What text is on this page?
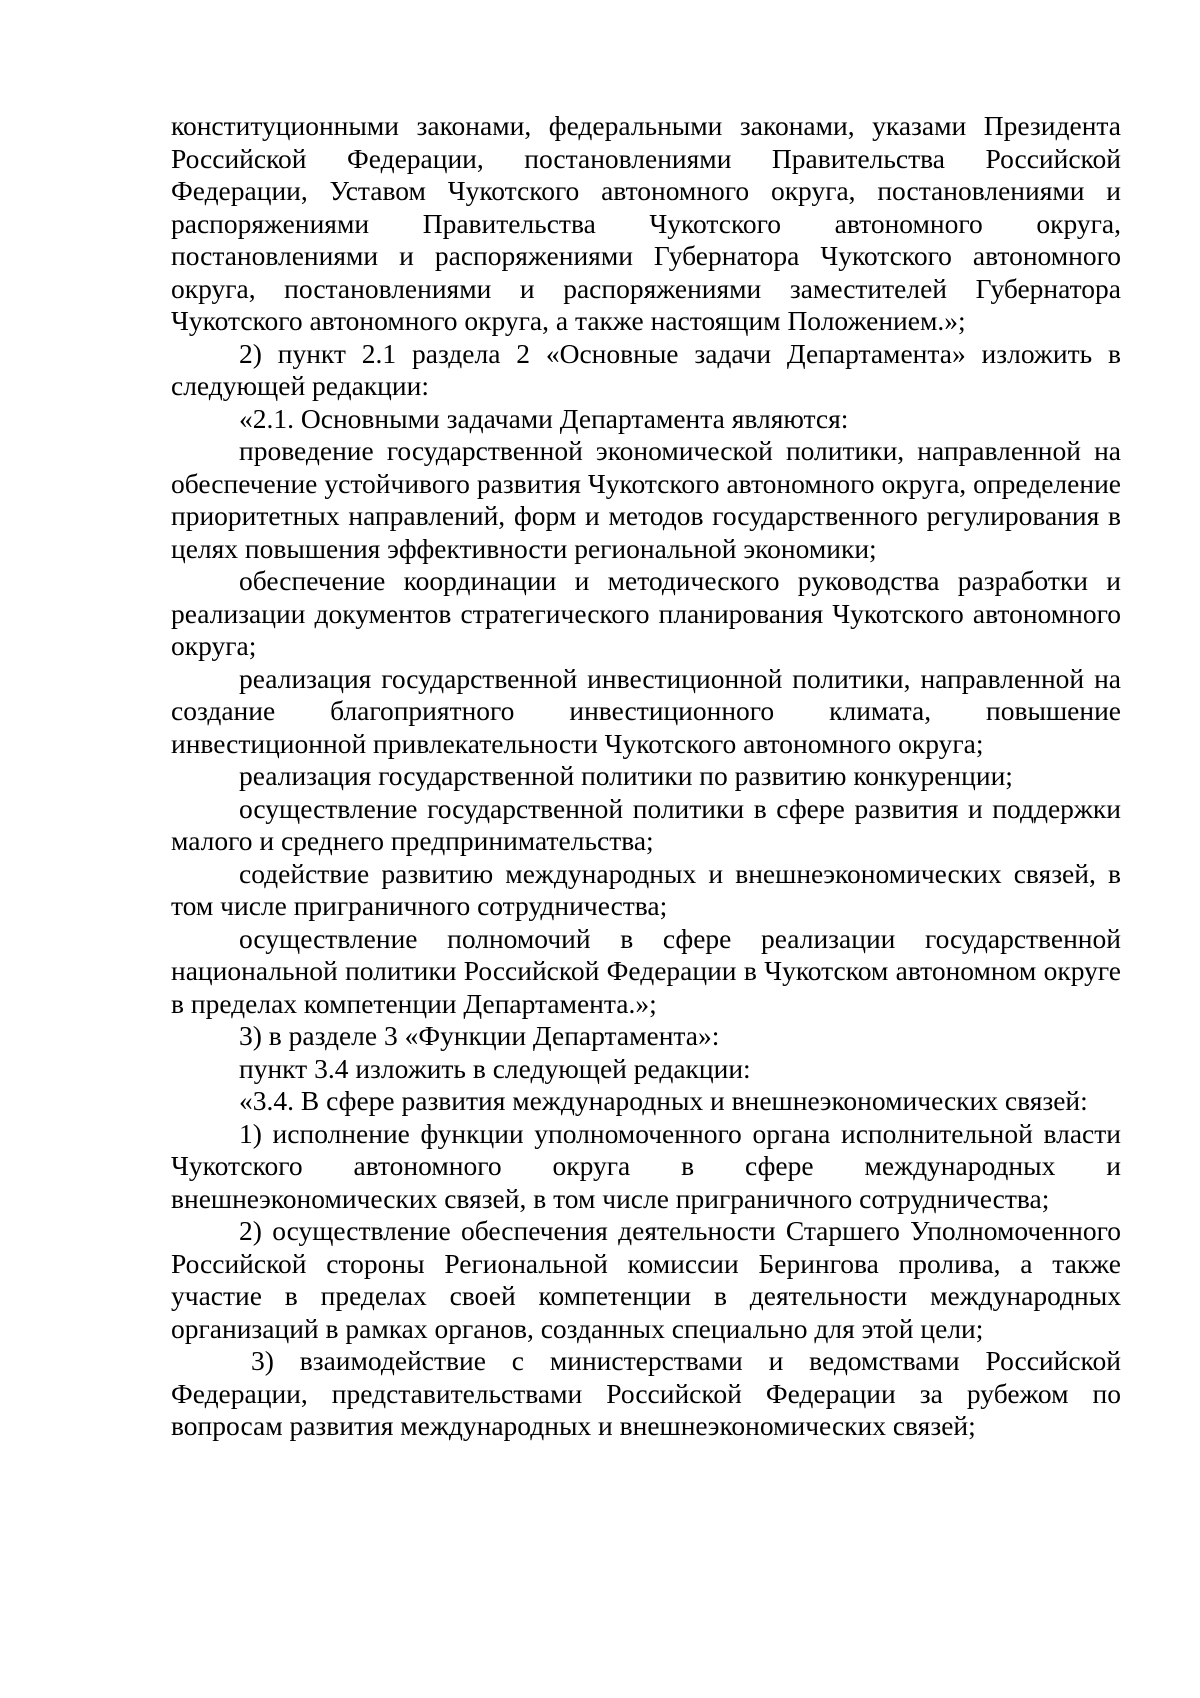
конституционными законами, федеральными законами, указами Президента Российской Федерации, постановлениями Правительства Российской Федерации, Уставом Чукотского автономного округа, постановлениями и распоряжениями Правительства Чукотского автономного округа, постановлениями и распоряжениями Губернатора Чукотского автономного округа, постановлениями и распоряжениями заместителей Губернатора Чукотского автономного округа, а также настоящим Положением.»;

2) пункт 2.1 раздела 2 «Основные задачи Департамента» изложить в следующей редакции:

«2.1. Основными задачами Департамента являются:

проведение государственной экономической политики, направленной на обеспечение устойчивого развития Чукотского автономного округа, определение приоритетных направлений, форм и методов государственного регулирования в целях повышения эффективности региональной экономики;

обеспечение координации и методического руководства разработки и реализации документов стратегического планирования Чукотского автономного округа;

реализация государственной инвестиционной политики, направленной на создание благоприятного инвестиционного климата, повышение инвестиционной привлекательности Чукотского автономного округа;

реализация государственной политики по развитию конкуренции;

осуществление государственной политики в сфере развития и поддержки малого и среднего предпринимательства;

содействие развитию международных и внешнеэкономических связей, в том числе приграничного сотрудничества;

осуществление полномочий в сфере реализации государственной национальной политики Российской Федерации в Чукотском автономном округе в пределах компетенции Департамента.»;

3) в разделе 3 «Функции Департамента»:

пункт 3.4 изложить в следующей редакции:

«3.4. В сфере развития международных и внешнеэкономических связей:

1) исполнение функции уполномоченного органа исполнительной власти Чукотского автономного округа в сфере международных и внешнеэкономических связей, в том числе приграничного сотрудничества;

2) осуществление обеспечения деятельности Старшего Уполномоченного Российской стороны Региональной комиссии Берингова пролива, а также участие в пределах своей компетенции в деятельности международных организаций в рамках органов, созданных специально для этой цели;

3) взаимодействие с министерствами и ведомствами Российской Федерации, представительствами Российской Федерации за рубежом по вопросам развития международных и внешнеэкономических связей;
